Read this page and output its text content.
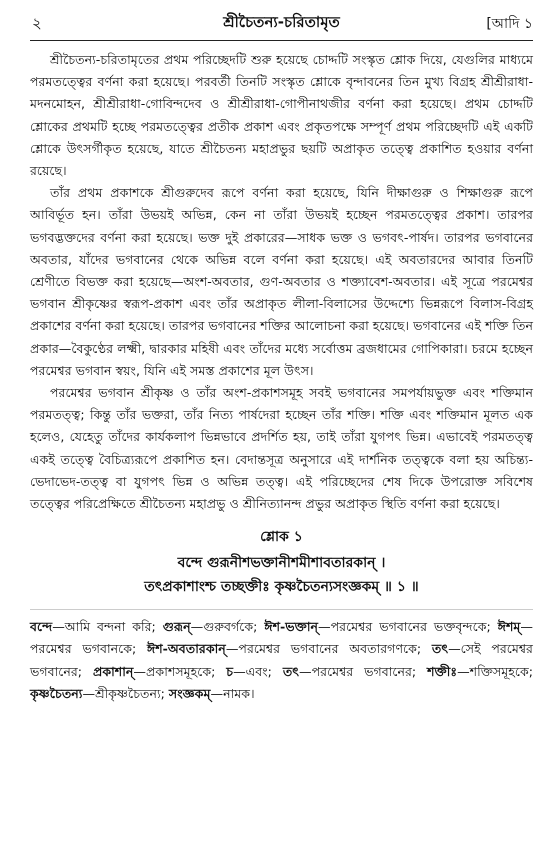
২	শ্রীচৈতন্য-চরিতামৃত	[আদি ১

শ্রীচৈতন্য-চরিতামৃতের প্রথম পরিচ্ছেদটি শুরু হয়েছে চোদ্দটি সংস্কৃত শ্লোক দিয়ে, যেগুলির মাধ্যমে পরমতত্ত্বের বর্ণনা করা হয়েছে। পরবর্তী তিনটি সংস্কৃত শ্লোকে বৃন্দাবনের তিন মুখ্য বিগ্রহ শ্রীশ্রীরাধা-মদনমোহন, শ্রীশ্রীরাধা-গোবিন্দদেব ও শ্রীশ্রীরাধা-গোপীনাথজীর বর্ণনা করা হয়েছে। প্রথম চোদ্দটি শ্লোকের প্রথমটি হচ্ছে পরমতত্ত্বের প্রতীক প্রকাশ এবং প্রকৃতপক্ষে সম্পূর্ণ প্রথম পরিচ্ছেদটি এই একটি শ্লোকে উৎসর্গীকৃত হয়েছে, যাতে শ্রীচৈতন্য মহাপ্রভুর ছয়টি অপ্রাকৃত তত্ত্বে প্রকাশিত হওয়ার বর্ণনা রয়েছে।

তাঁর প্রথম প্রকাশকে শ্রীগুরুদেব রূপে বর্ণনা করা হয়েছে, যিনি দীক্ষাগুরু ও শিক্ষাগুরু রূপে আবির্ভূত হন। তাঁরা উভয়ই অভিন্ন, কেন না তাঁরা উভয়ই হচ্ছেন পরমতত্ত্বের প্রকাশ। তারপর ভগবদ্ভক্তদের বর্ণনা করা হয়েছে। ভক্ত দুই প্রকারের—সাধক ভক্ত ও ভগবৎ-পার্ষদ। তারপর ভগবানের অবতার, যাঁদের ভগবানের থেকে অভিন্ন বলে বর্ণনা করা হয়েছে। এই অবতারদের আবার তিনটি শ্রেণীতে বিভক্ত করা হয়েছে—অংশ-অবতার, গুণ-অবতার ও শক্ত্যাবেশ-অবতার। এই সূত্রে পরমেশ্বর ভগবান শ্রীকৃষ্ণের স্বরূপ-প্রকাশ এবং তাঁর অপ্রাকৃত লীলা-বিলাসের উদ্দেশ্যে ভিন্নরূপে বিলাস-বিগ্রহ প্রকাশের বর্ণনা করা হয়েছে। তারপর ভগবানের শক্তির আলোচনা করা হয়েছে। ভগবানের এই শক্তি তিন প্রকার—বৈকুণ্ঠের লক্ষ্মী, দ্বারকার মহিষী এবং তাঁদের মধ্যে সর্বোত্তম ব্রজধামের গোপিকারা। চরমে হচ্ছেন পরমেশ্বর ভগবান স্বয়ং, যিনি এই সমস্ত প্রকাশের মূল উৎস।

পরমেশ্বর ভগবান শ্রীকৃষ্ণ ও তাঁর অংশ-প্রকাশসমূহ সবই ভগবানের সমপর্যায়ভুক্ত এবং শক্তিমান পরমতত্ত্ব; কিন্তু তাঁর ভক্তরা, তাঁর নিত্য পার্ষদেরা হচ্ছেন তাঁর শক্তি। শক্তি এবং শক্তিমান মূলত এক হলেও, যেহেতু তাঁদের কার্যকলাপ ভিন্নভাবে প্রদর্শিত হয়, তাই তাঁরা যুগপৎ ভিন্ন। এভাবেই পরমতত্ত্ব একই তত্ত্বে বৈচিত্র্যরূপে প্রকাশিত হন। বেদান্তসূত্র অনুসারে এই দার্শনিক তত্ত্বকে বলা হয় অচিন্ত্য-ভেদাভেদ-তত্ত্ব বা যুগপৎ ভিন্ন ও অভিন্ন তত্ত্ব। এই পরিচ্ছেদের শেষ দিকে উপরোক্ত সবিশেষ তত্ত্বের পরিপ্রেক্ষিতে শ্রীচৈতন্য মহাপ্রভু ও শ্রীনিত্যানন্দ প্রভুর অপ্রাকৃত স্থিতি বর্ণনা করা হয়েছে।

শ্লোক ১
বন্দে গুরূনীশভক্তানীশমীশাবতারকান্‌ ।
তৎপ্রকাশাংশ্চ তচ্ছক্তীঃ কৃষ্ণচৈতন্যসংজ্ঞকম্‌ ॥ ১ ॥
বন্দে—আমি বন্দনা করি; গুরূন্‌—গুরুবর্গকে; ঈশ-ভক্তান্‌—পরমেশ্বর ভগবানের ভক্তবৃন্দকে; ঈশম্‌—পরমেশ্বর ভগবানকে; ঈশ-অবতারকান্‌—পরমেশ্বর ভগবানের অবতারগণকে; তৎ—সেই পরমেশ্বর ভগবানের; প্রকাশান্‌—প্রকাশসমূহকে; চ—এবং; তৎ—পরমেশ্বর ভগবানের; শক্তীঃ—শক্তিসমূহকে; কৃষ্ণচৈতন্য—শ্রীকৃষ্ণচৈতন্য; সংজ্ঞকম্‌—নামক।
